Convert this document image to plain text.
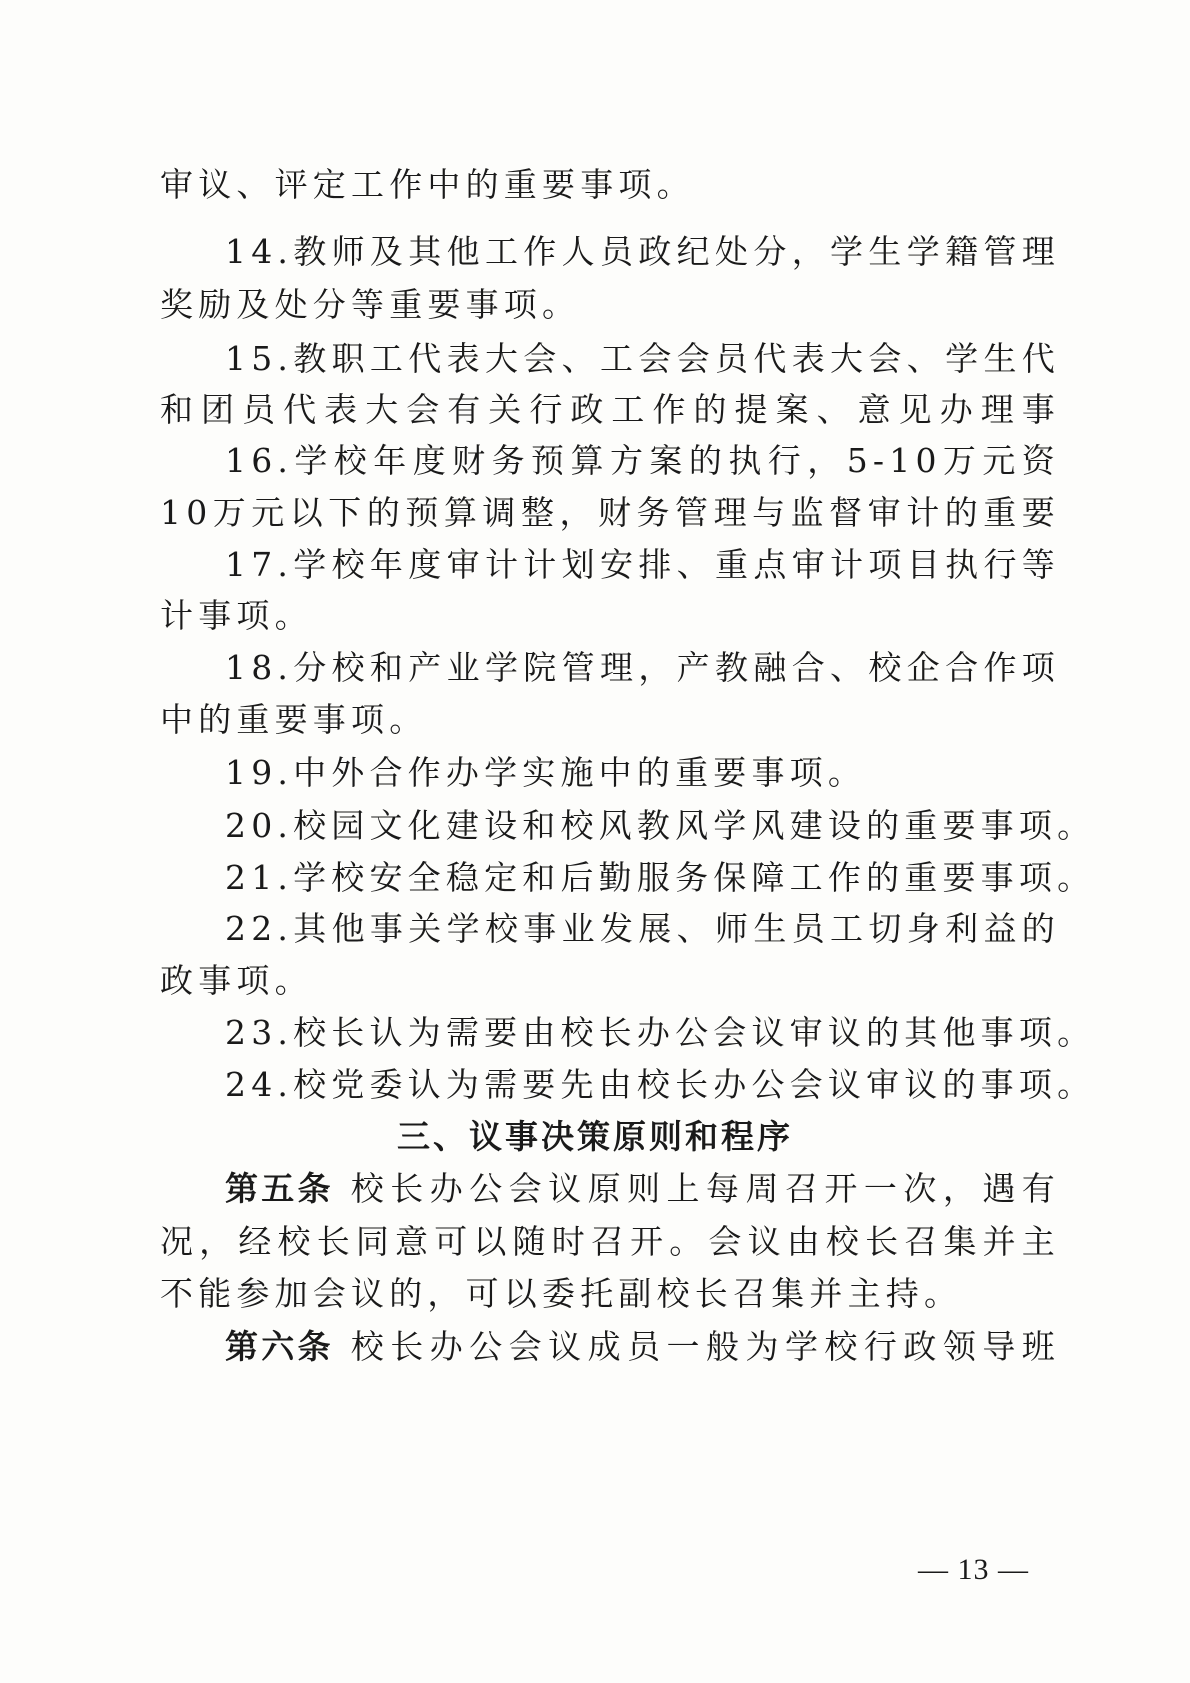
审议、评定工作中的重要事项。
14.教师及其他工作人员政纪处分，学生学籍管理
奖励及处分等重要事项。
15.教职工代表大会、工会会员代表大会、学生代
和团员代表大会有关行政工作的提案、意见办理事
16.学校年度财务预算方案的执行，5-10万元资
10万元以下的预算调整，财务管理与监督审计的重要
17.学校年度审计计划安排、重点审计项目执行等
计事项。
18.分校和产业学院管理，产教融合、校企合作项
中的重要事项。
19.中外合作办学实施中的重要事项。
20.校园文化建设和校风教风学风建设的重要事项。
21.学校安全稳定和后勤服务保障工作的重要事项。
22.其他事关学校事业发展、师生员工切身利益的
政事项。
23.校长认为需要由校长办公会议审议的其他事项。
24.校党委认为需要先由校长办公会议审议的事项。
三、议事决策原则和程序
第五条 校长办公会议原则上每周召开一次，遇有
况，经校长同意可以随时召开。会议由校长召集并主
不能参加会议的，可以委托副校长召集并主持。
第六条 校长办公会议成员一般为学校行政领导班
— 13 —
